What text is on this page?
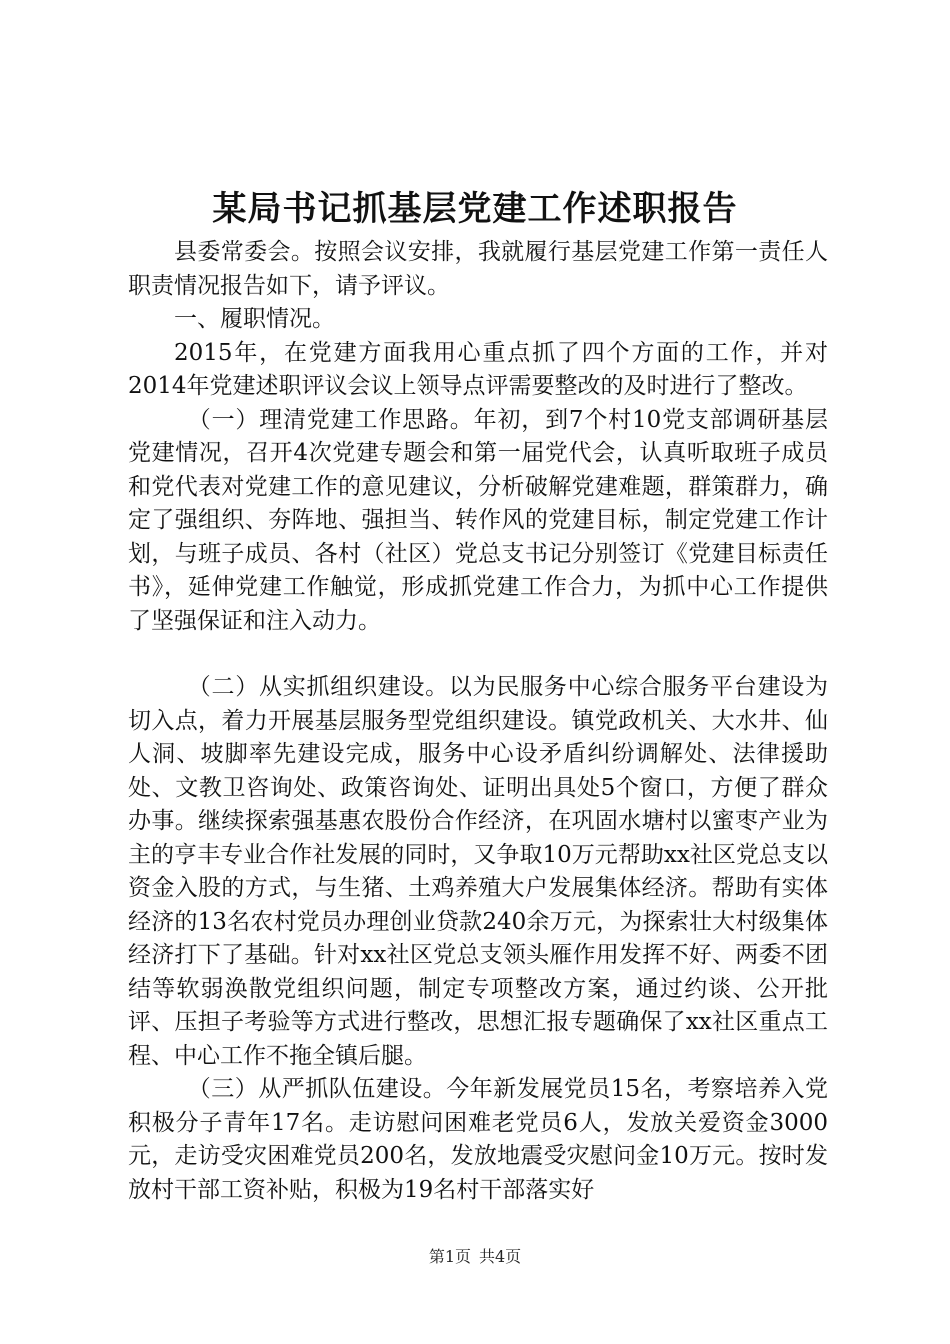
某局书记抓基层党建工作述职报告

县委常委会。按照会议安排，我就履行基层党建工作第一责任人职责情况报告如下，请予评议。

一、履职情况。

2015年，在党建方面我用心重点抓了四个方面的工作，并对2014年党建述职评议会议上领导点评需要整改的及时进行了整改。

（一）理清党建工作思路。年初，到7个村10党支部调研基层党建情况，召开4次党建专题会和第一届党代会，认真听取班子成员和党代表对党建工作的意见建议，分析破解党建难题，群策群力，确定了强组织、夯阵地、强担当、转作风的党建目标，制定党建工作计划，与班子成员、各村（社区）党总支书记分别签订《党建目标责任书》，延伸党建工作触觉，形成抓党建工作合力，为抓中心工作提供了坚强保证和注入动力。

（二）从实抓组织建设。以为民服务中心综合服务平台建设为切入点，着力开展基层服务型党组织建设。镇党政机关、大水井、仙人洞、坡脚率先建设完成，服务中心设矛盾纠纷调解处、法律援助处、文教卫咨询处、政策咨询处、证明出具处5个窗口，方便了群众办事。继续探索强基惠农股份合作经济，在巩固水塘村以蜜枣产业为主的亨丰专业合作社发展的同时，又争取10万元帮助xx社区党总支以资金入股的方式，与生猪、土鸡养殖大户发展集体经济。帮助有实体经济的13名农村党员办理创业贷款240余万元，为探索壮大村级集体经济打下了基础。针对xx社区党总支领头雁作用发挥不好、两委不团结等软弱涣散党组织问题，制定专项整改方案，通过约谈、公开批评、压担子考验等方式进行整改，思想汇报专题确保了xx社区重点工程、中心工作不拖全镇后腿。

（三）从严抓队伍建设。今年新发展党员15名，考察培养入党积极分子青年17名。走访慰问困难老党员6人，发放关爱资金3000元，走访受灾困难党员200名，发放地震受灾慰问金10万元。按时发放村干部工资补贴，积极为19名村干部落实好

第1页 共4页
